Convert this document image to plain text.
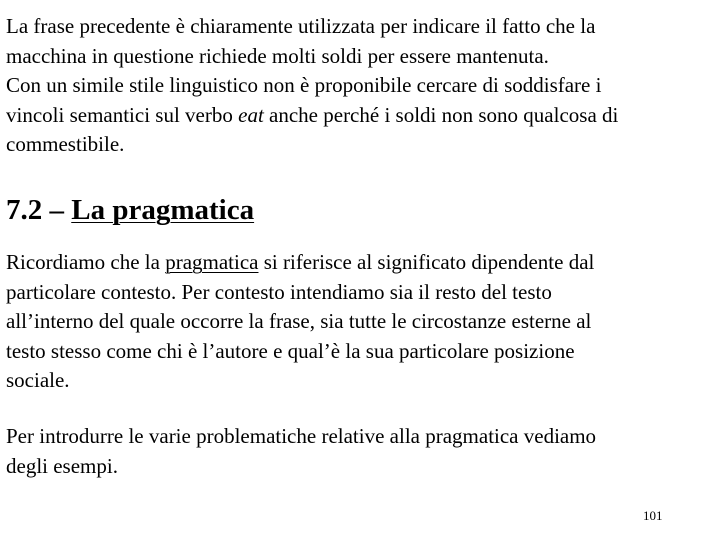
La frase precedente è chiaramente utilizzata per indicare il fatto che la
macchina in questione richiede molti soldi per essere mantenuta.
Con un simile stile linguistico non è proponibile cercare di soddisfare i
vincoli semantici sul verbo eat anche perché i soldi non sono qualcosa di
commestibile.

7.2 – La pragmatica

Ricordiamo che la pragmatica si riferisce al significato dipendente dal
particolare contesto. Per contesto intendiamo sia il resto del testo
all’interno del quale occorre la frase, sia tutte le circostanze esterne al
testo stesso come chi è l’autore e qual’è la sua particolare posizione
sociale.

Per introdurre le varie problematiche relative alla pragmatica vediamo
degli esempi.

101
